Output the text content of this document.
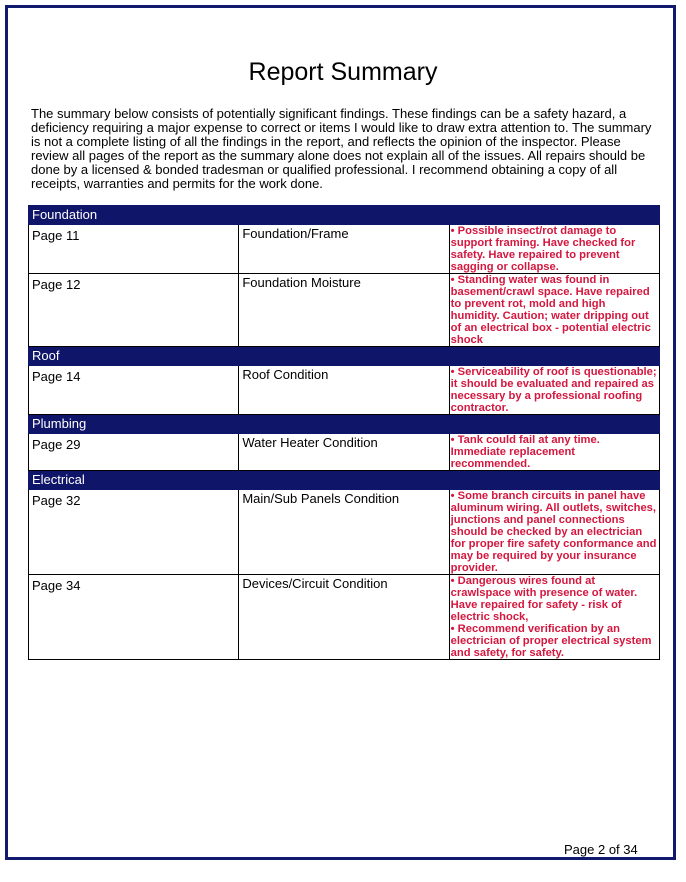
Report Summary

The summary below consists of potentially significant findings. These findings can be a safety hazard, a deficiency requiring a major expense to correct or items I would like to draw extra attention to. The summary is not a complete listing of all the findings in the report, and reflects the opinion of the inspector. Please review all pages of the report as the summary alone does not explain all of the issues. All repairs should be done by a licensed & bonded tradesman or qualified professional. I recommend obtaining a copy of all receipts, warranties and permits for the work done.

Foundation		
Page 11	Foundation/Frame	• Possible insect/rot damage to support framing. Have checked for safety. Have repaired to prevent sagging or collapse.
Page 12	Foundation Moisture	• Standing water was found in basement/crawl space. Have repaired to prevent rot, mold and high humidity. Caution; water dripping out of an electrical box - potential electric shock
Roof		
Page 14	Roof Condition	• Serviceability of roof is questionable; it should be evaluated and repaired as necessary by a professional roofing contractor.
Plumbing		
Page 29	Water Heater Condition	• Tank could fail at any time. Immediate replacement recommended.
Electrical		
Page 32	Main/Sub Panels Condition	• Some branch circuits in panel have aluminum wiring. All outlets, switches, junctions and panel connections should be checked by an electrician for proper fire safety conformance and may be required by your insurance provider.
Page 34	Devices/Circuit Condition	• Dangerous wires found at crawlspace with presence of water. Have repaired for safety - risk of electric shock,
• Recommend verification by an electrician of proper electrical system and safety, for safety.
Page 2 of 34
